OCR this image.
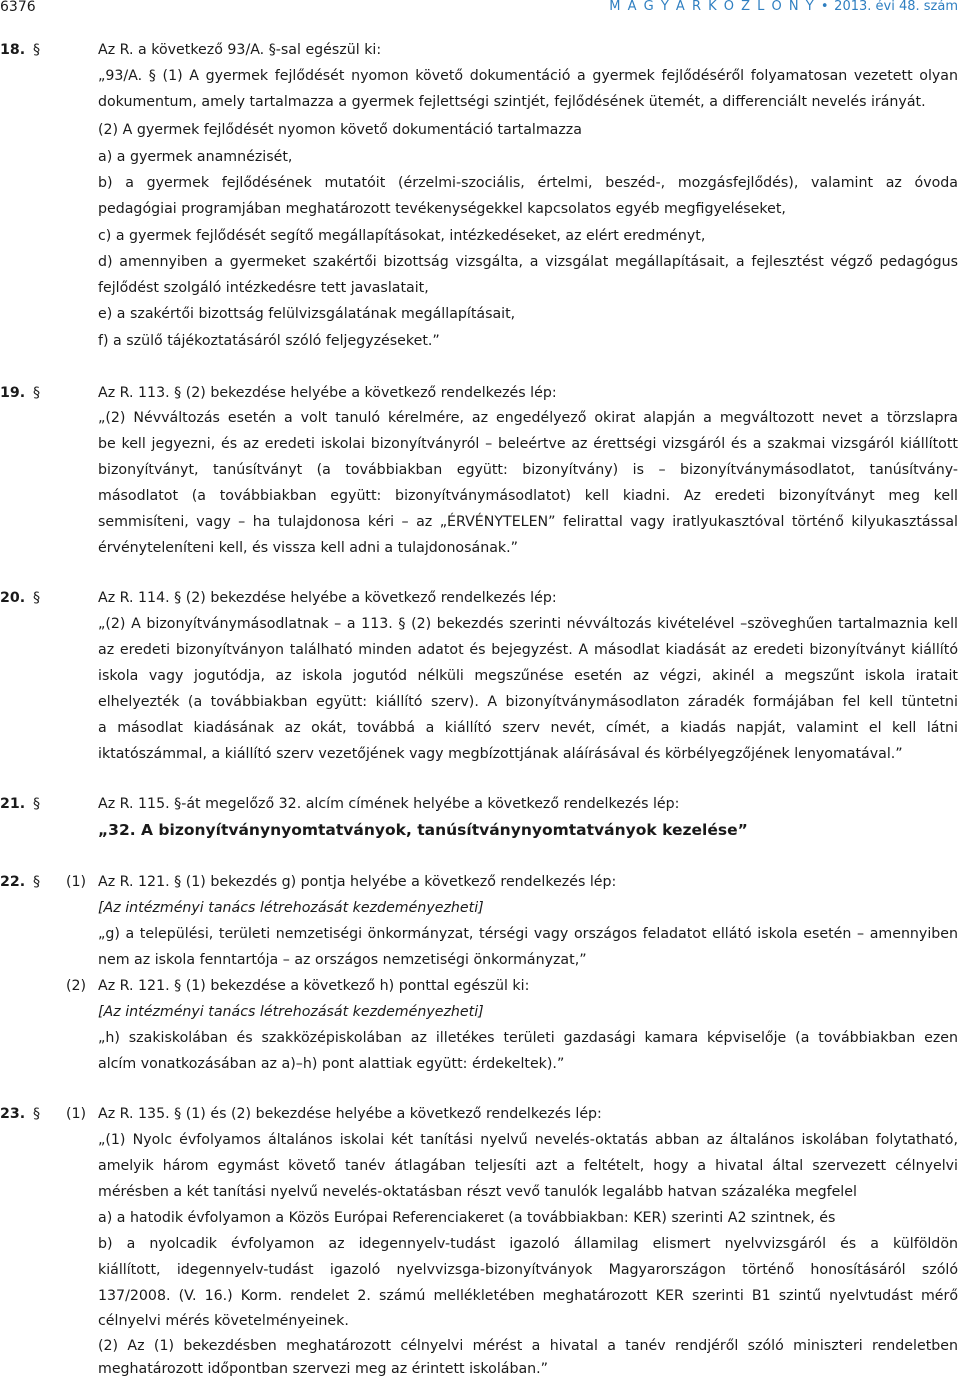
6376	M A G Y A R K Ö Z L Ö N Y • 2013. évi 48. szám
18. §	Az R. a következő 93/A. §-sal egészül ki:
„93/A. § (1) A gyermek fejlődését nyomon követő dokumentáció a gyermek fejlődéséről folyamatosan vezetett olyan
dokumentum, amely tartalmazza a gyermek fejlettségi szintjét, fejlődésének ütemét, a differenciált nevelés irányát.
(2) A gyermek fejlődését nyomon követő dokumentáció tartalmazza
a) a gyermek anamnézisét,
b) a gyermek fejlődésének mutatóit (érzelmi-szociális, értelmi, beszéd-, mozgásfejlődés), valamint az óvoda
pedagógiai programjában meghatározott tevékenységekkel kapcsolatos egyéb megfigyeléseket,
c) a gyermek fejlődését segítő megállapításokat, intézkedéseket, az elért eredményt,
d) amennyiben a gyermeket szakértői bizottság vizsgálta, a vizsgálat megállapításait, a fejlesztést végző pedagógus
fejlődést szolgáló intézkedésre tett javaslatait,
e) a szakértői bizottság felülvizsgálatának megállapításait,
f) a szülő tájékoztatásáról szóló feljegyzéseket.”
19. §	Az R. 113. § (2) bekezdése helyébe a következő rendelkezés lép:
„(2) Névváltozás esetén a volt tanuló kérelmére, az engedélyező okirat alapján a megváltozott nevet a törzslapra
be kell jegyezni, és az eredeti iskolai bizonyítványról – beleértve az érettségi vizsgáról és a szakmai vizsgáról kiállított
bizonyítványt, tanúsítványt (a továbbiakban együtt: bizonyítvány) is – bizonyítványmásodlatot, tanúsítvány-
másodlatot (a továbbiakban együtt: bizonyítványmásodlatot) kell kiadni. Az eredeti bizonyítványt meg kell
semmisíteni, vagy – ha tulajdonosa kéri – az „ÉRVÉNYTELEN” felirattal vagy iratlyukasztóval történő kilyukasztással
érvényteleníteni kell, és vissza kell adni a tulajdonosának.”
20. §	Az R. 114. § (2) bekezdése helyébe a következő rendelkezés lép:
„(2) A bizonyítványmásodlatnak – a 113. § (2) bekezdés szerinti névváltozás kivételével –szöveghűen tartalmaznia kell
az eredeti bizonyítványon található minden adatot és bejegyzést. A másodlat kiadását az eredeti bizonyítványt kiállító
iskola vagy jogutódja, az iskola jogutód nélküli megszűnése esetén az végzi, akinél a megszűnt iskola iratait
elhelyezték (a továbbiakban együtt: kiállító szerv). A bizonyítványmásodlaton záradék formájában fel kell tüntetni
a másodlat kiadásának az okát, továbbá a kiállító szerv nevét, címét, a kiadás napját, valamint el kell látni
iktatószámmal, a kiállító szerv vezetőjének vagy megbízottjának aláírásával és körbélyegzőjének lenyomatával.”
21. §	Az R. 115. §-át megelőző 32. alcím címének helyébe a következő rendelkezés lép:
„32. A bizonyítványnyomtatványok, tanúsítványnyomtatványok kezelése”
22. § (1) Az R. 121. § (1) bekezdés g) pontja helyébe a következő rendelkezés lép:
[Az intézményi tanács létrehozását kezdeményezheti]
„g) a települési, területi nemzetiségi önkormányzat, térségi vagy országos feladatot ellátó iskola esetén – amennyiben
nem az iskola fenntartója – az országos nemzetiségi önkormányzat,”
(2) Az R. 121. § (1) bekezdése a következő h) ponttal egészül ki:
[Az intézményi tanács létrehozását kezdeményezheti]
„h) szakiskolában és szakközépiskolában az illetékes területi gazdasági kamara képviselője (a továbbiakban ezen
alcím vonatkozásában az a)–h) pont alattiak együtt: érdekeltek).”
23. § (1) Az R. 135. § (1) és (2) bekezdése helyébe a következő rendelkezés lép:
„(1) Nyolc évfolyamos általános iskolai két tanítási nyelvű nevelés-oktatás abban az általános iskolában folytatható,
amelyik három egymást követő tanév átlagában teljesíti azt a feltételt, hogy a hivatal által szervezett célnyelvi
mérésben a két tanítási nyelvű nevelés-oktatásban részt vevő tanulók legalább hatvan százaléka megfelel
a) a hatodik évfolyamon a Közös Európai Referenciakeret (a továbbiakban: KER) szerinti A2 szintnek, és
b) a nyolcadik évfolyamon az idegennyelv-tudást igazoló államilag elismert nyelvvizsgáról és a külföldön
kiállított, idegennyelv-tudást igazoló nyelvvizsga-bizonyítványok Magyarországon történő honosításáról szóló
137/2008. (V. 16.) Korm. rendelet 2. számú mellékletében meghatározott KER szerinti B1 szintű nyelvtudást mérő
célnyelvi mérés követelményeinek.
(2) Az (1) bekezdésben meghatározott célnyelvi mérést a hivatal a tanév rendjéről szóló miniszteri rendeletben
meghatározott időpontban szervezi meg az érintett iskolában.”
